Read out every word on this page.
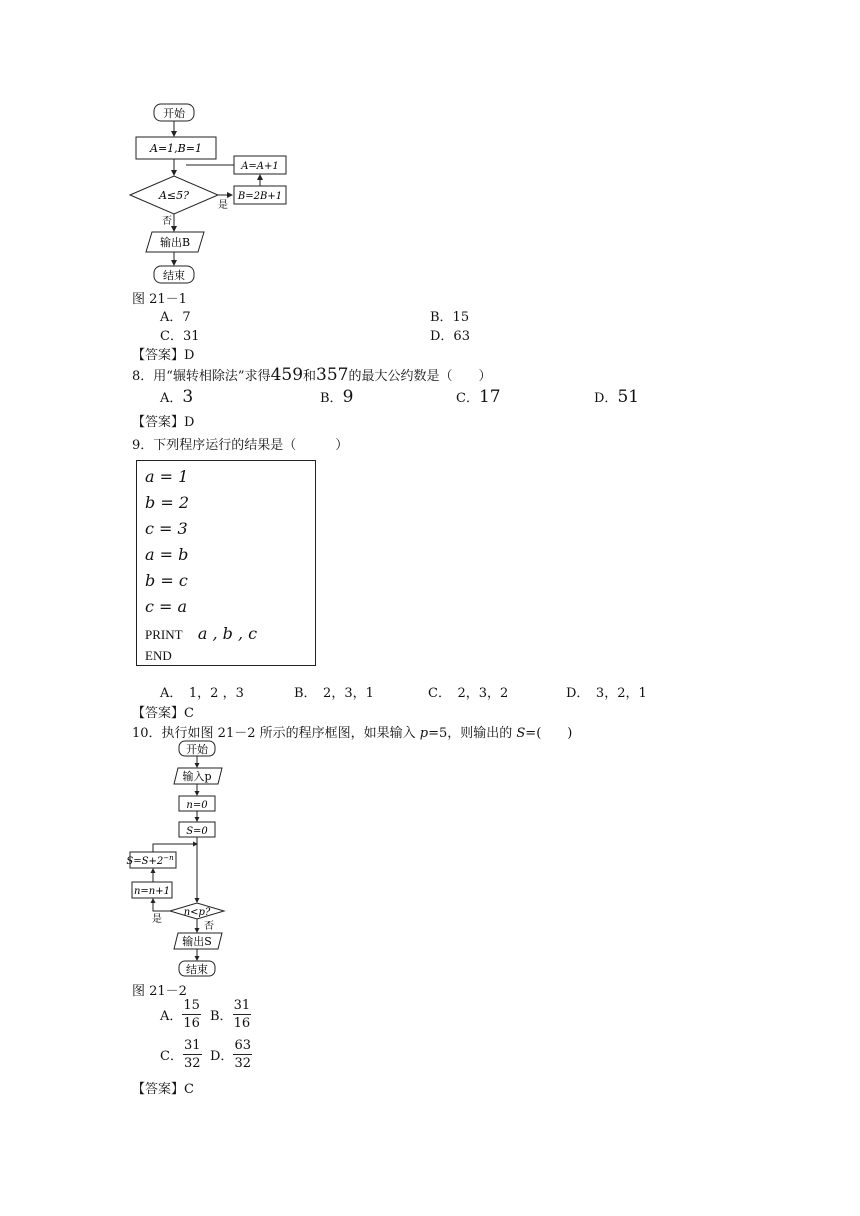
开始
A=1,B=1
A≤5?
是
B=2B+1
A=A+1
否
输出B
结束
图 21－1
A．7	B．15
C．31	D．63
【答案】D
8．用“辗转相除法”求得459和357的最大公约数是（　　）
A．3	B．9	C．17	D．51
【答案】D
9．下列程序运行的结果是（　　　）
a = 1
b = 2
c = 3
a = b
b = c
c = a
PRINT a , b , c
END
A．　1，2 ，3	B．　2，3，1	C．　2，3，2	D．　3，2，1
【答案】C
10．执行如图 21－2 所示的程序框图，如果输入 p=5，则输出的 S=(　　)
开始
输入p
n=0
S=0
$S=S+2^{-n}$
n=n+1
n<p?
是
否
输出S
结束
图 21－2
A． $\frac{15}{16}$ B． $\frac{31}{16}$
C． $\frac{31}{32}$ D． $\frac{63}{32}$
【答案】C
